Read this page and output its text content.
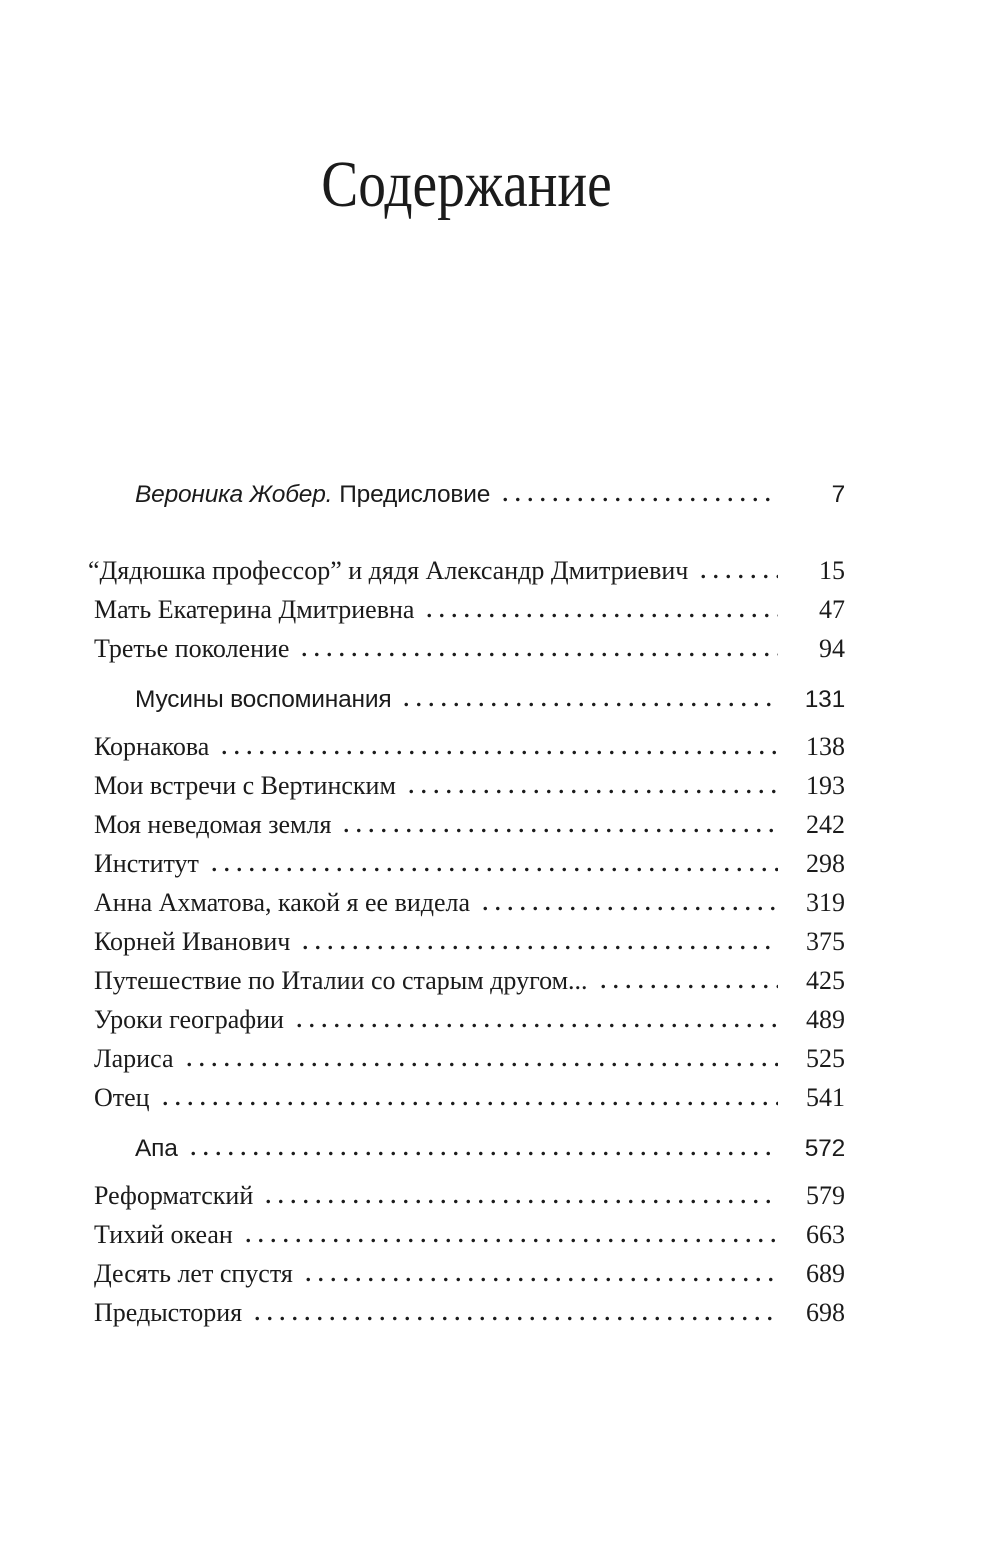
Содержание
Вероника Жобер. Предисловие	7
“Дядюшка профессор” и дядя Александр Дмитриевич	15
Мать Екатерина Дмитриевна	47
Третье поколение	94
Мусины воспоминания	131
Корнакова	138
Мои встречи с Вертинским	193
Моя неведомая земля	242
Институт	298
Анна Ахматова, какой я ее видела	319
Корней Иванович	375
Путешествие по Италии со старым другом...	425
Уроки географии	489
Лариса	525
Отец	541
Апа	572
Реформатский	579
Тихий океан	663
Десять лет спустя	689
Предыстория	698
